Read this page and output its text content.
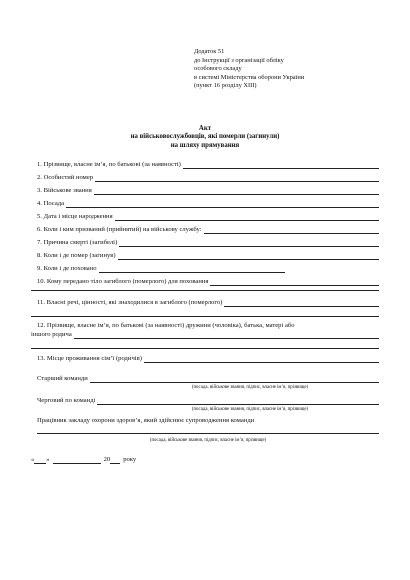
Додаток 51
до Інструкції з організації обліку
особового складу
в системі Міністерства оборони України
(пункт 16 розділу XIII)
Акт
на військовослужбовців, які померли (загинули)
на шляху прямування
1. Прізвище, власне ім’я, по батькові (за наявності)
2. Особистий номер
3. Військове звання
4. Посада
5. Дата і місце народження
6. Коли і ким призваний (прийнятий) на військову службу:
7. Причина смерті (загибелі)
8. Коли і де помер (загинув)
9. Коли і де поховано
10. Кому передано тіло загиблого (померлого) для поховання
11. Власні речі, цінності, які знаходилися в загиблого (померлого)
12. Прізвище, власне ім’я, по батькові (за наявності) дружини (чоловіка), батька, матері або
іншого родича
13. Місце проживання сім’ї (родичів)
Старший команди
(посада, військове звання, підпис, власне ім’я, прізвище)
Черговий по команді
(посада, військове звання, підпис, власне ім’я, прізвище)
Працівник закладу охорони здоров’я, який здійснює супроводження команди
(посада, військове звання, підпис, власне ім’я, прізвище)
« »	20 року
